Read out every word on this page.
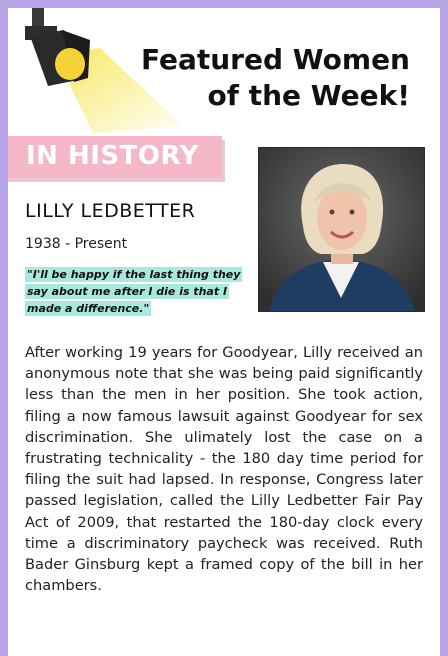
Featured Women
of the Week!
IN HISTORY
LILLY LEDBETTER
1938 - Present
"I'll be happy if the last thing they say about me after I die is that I made a difference."
After working 19 years for Goodyear, Lilly received an anonymous note that she was being paid significantly less than the men in her position. She took action, filing a now famous lawsuit against Goodyear for sex discrimination. She ulimately lost the case on a frustrating technicality - the 180 day time period for filing the suit had lapsed. In response, Congress later passed legislation, called the Lilly Ledbetter Fair Pay Act of 2009, that restarted the 180-day clock every time a discriminatory paycheck was received. Ruth Bader Ginsburg kept a framed copy of the bill in her chambers.
